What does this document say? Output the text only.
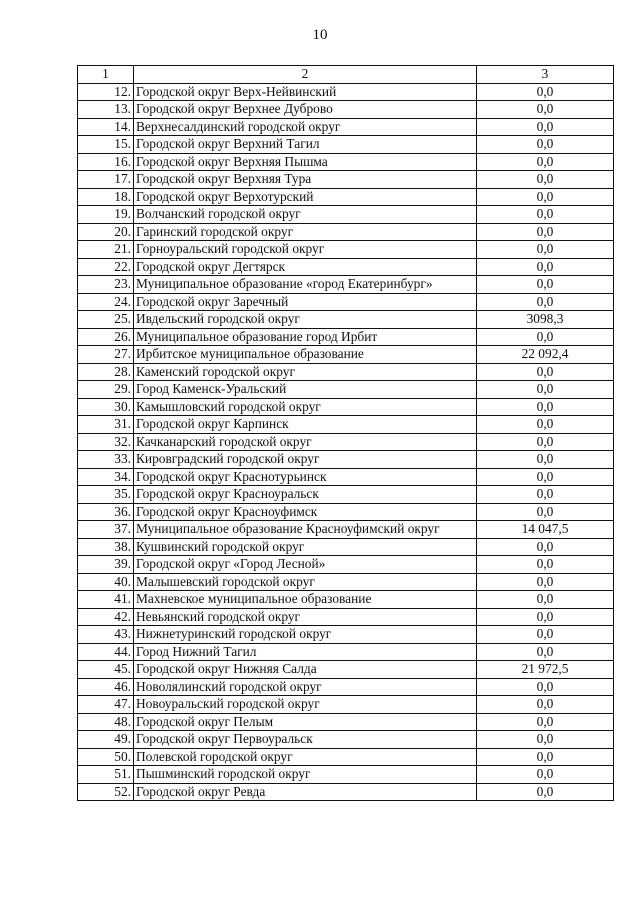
10
1	2	3
12.	Городской округ Верх-Нейвинский	0,0
13.	Городской округ Верхнее Дуброво	0,0
14.	Верхнесалдинский городской округ	0,0
15.	Городской округ Верхний Тагил	0,0
16.	Городской округ Верхняя Пышма	0,0
17.	Городской округ Верхняя Тура	0,0
18.	Городской округ Верхотурский	0,0
19.	Волчанский городской округ	0,0
20.	Гаринский городской округ	0,0
21.	Горноуральский городской округ	0,0
22.	Городской округ Дегтярск	0,0
23.	Муниципальное образование «город Екатеринбург»	0,0
24.	Городской округ Заречный	0,0
25.	Ивдельский городской округ	3098,3
26.	Муниципальное образование город Ирбит	0,0
27.	Ирбитское муниципальное образование	22 092,4
28.	Каменский городской округ	0,0
29.	Город Каменск-Уральский	0,0
30.	Камышловский городской округ	0,0
31.	Городской округ Карпинск	0,0
32.	Качканарский городской округ	0,0
33.	Кировградский городской округ	0,0
34.	Городской округ Краснотурьинск	0,0
35.	Городской округ Красноуральск	0,0
36.	Городской округ Красноуфимск	0,0
37.	Муниципальное образование Красноуфимский округ	14 047,5
38.	Кушвинский городской округ	0,0
39.	Городской округ «Город Лесной»	0,0
40.	Малышевский городской округ	0,0
41.	Махневское муниципальное образование	0,0
42.	Невьянский городской округ	0,0
43.	Нижнетуринский городской округ	0,0
44.	Город Нижний Тагил	0,0
45.	Городской округ Нижняя Салда	21 972,5
46.	Новолялинский городской округ	0,0
47.	Новоуральский городской округ	0,0
48.	Городской округ Пелым	0,0
49.	Городской округ Первоуральск	0,0
50.	Полевской городской округ	0,0
51.	Пышминский городской округ	0,0
52.	Городской округ Ревда	0,0
